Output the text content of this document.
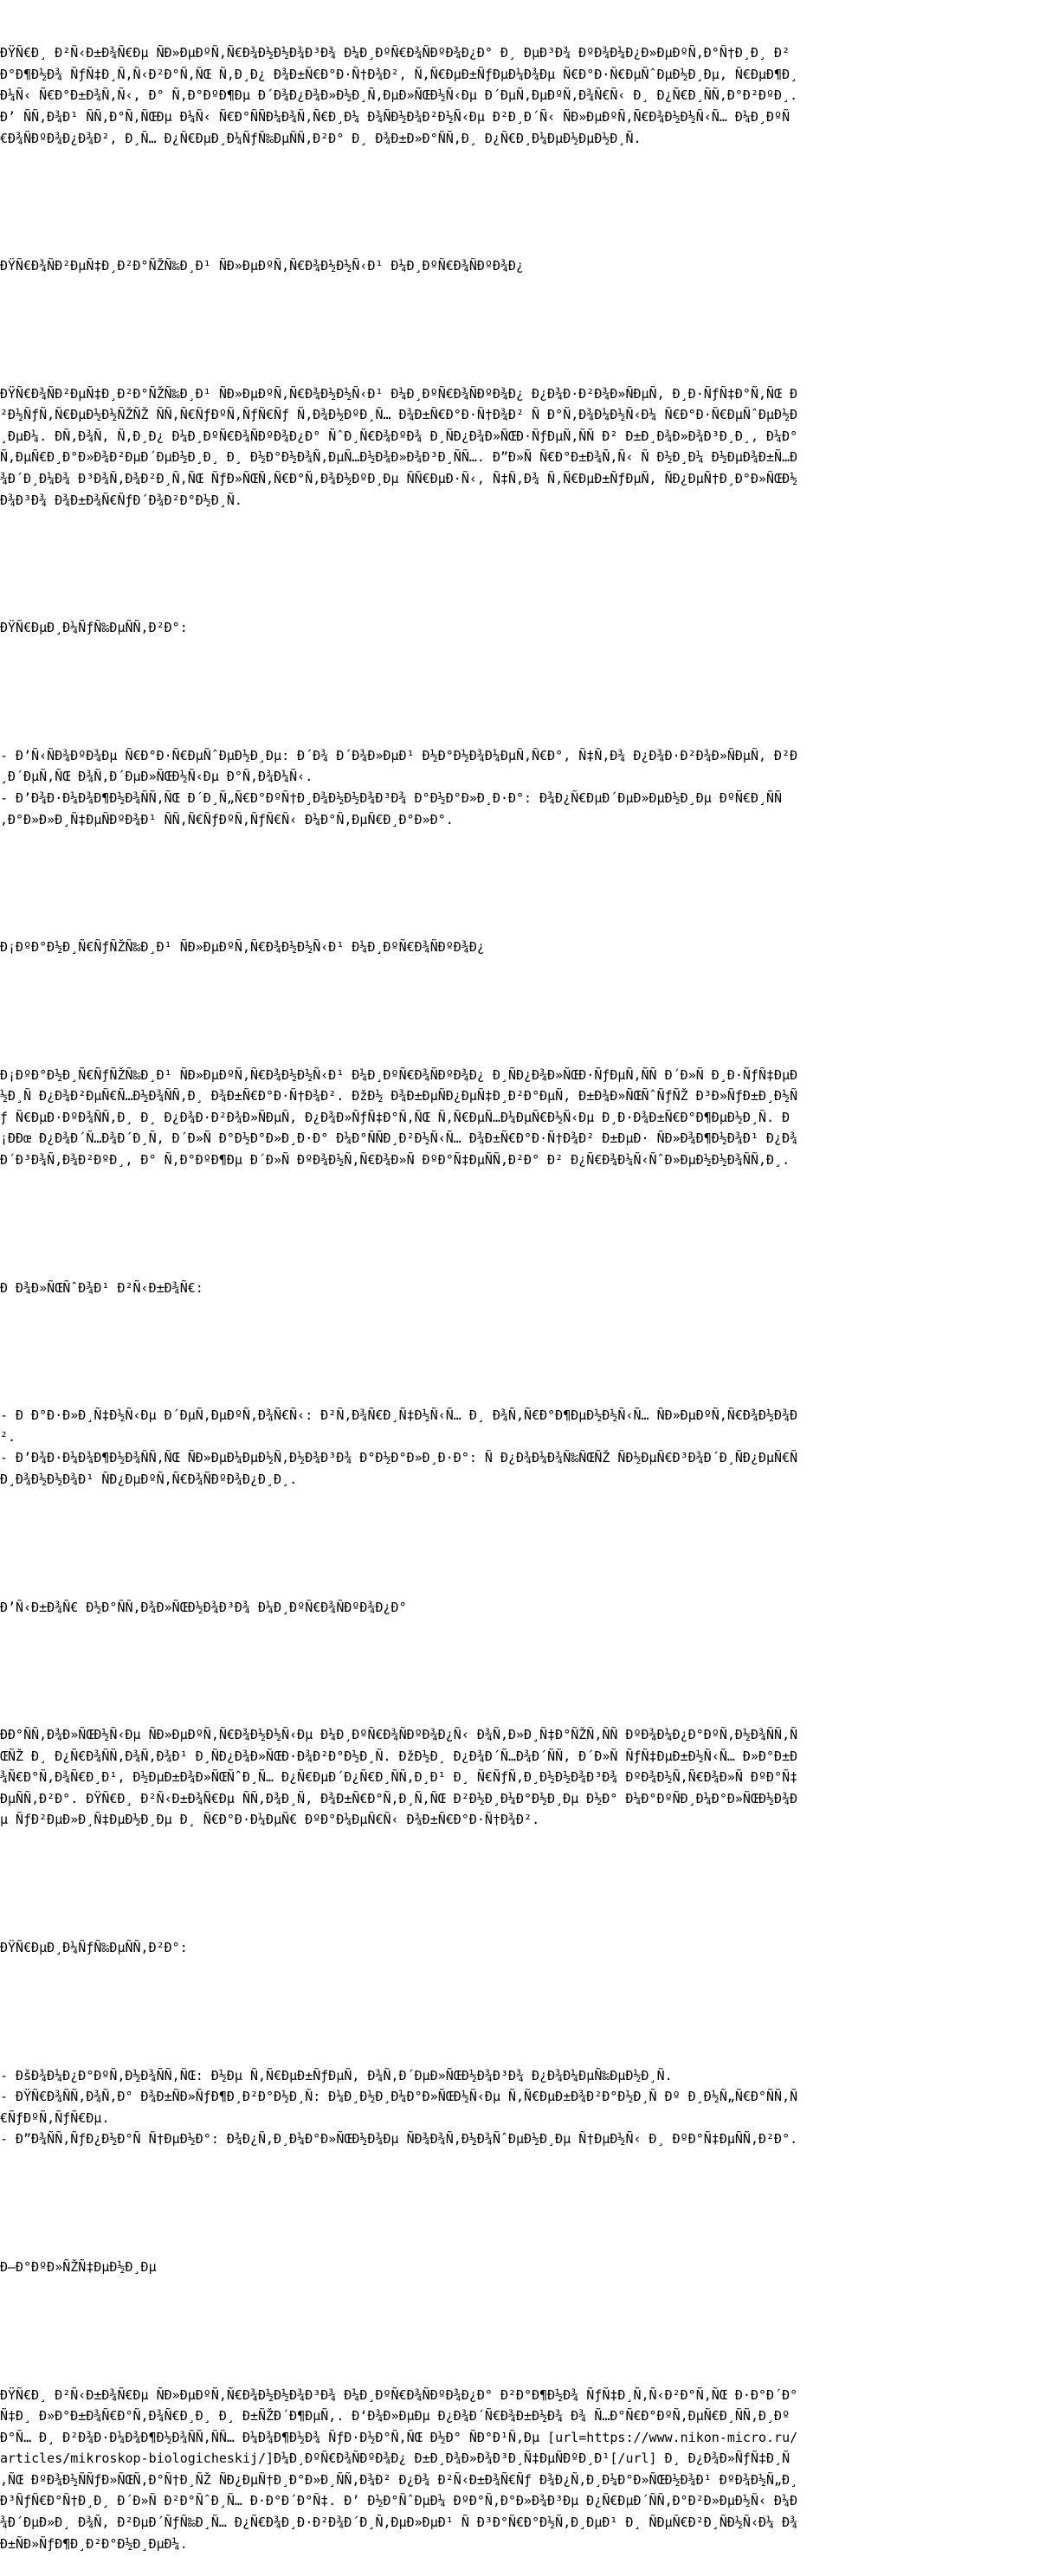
ÐŸÑ€Ð¸ Ð²Ñ‹Ð±Ð¾Ñ€Ðµ ÑÐ»ÐµÐºÑ‚Ñ€Ð¾Ð½Ð½Ð¾Ð³Ð¾ Ð¼Ð¸ÐºÑ€Ð¾ÑÐºÐ¾Ð¿Ð° Ð¸ ÐµÐ³Ð¾ ÐºÐ¾Ð¼Ð¿Ð»ÐµÐºÑ‚Ð°Ñ†Ð¸Ð¸ Ð²Ð°Ð¶Ð½Ð¾ ÑƒÑ‡Ð¸Ñ‚Ñ‹Ð²Ð°Ñ‚ÑŒ Ñ‚Ð¸Ð¿ Ð¾Ð±Ñ€Ð°Ð·Ñ†Ð¾Ð², Ñ‚Ñ€ÐµÐ±ÑƒÐµÐ¼Ð¾Ðµ Ñ€Ð°Ð·Ñ€ÐµÑˆÐµÐ½Ð¸Ðµ, Ñ€ÐµÐ¶Ð¸Ð¼Ñ‹ Ñ€Ð°Ð±Ð¾Ñ‚Ñ‹, Ð° Ñ‚Ð°ÐºÐ¶Ðµ Ð´Ð¾Ð¿Ð¾Ð»Ð½Ð¸Ñ‚ÐµÐ»ÑŒÐ½Ñ‹Ðµ Ð´ÐµÑ‚ÐµÐºÑ‚Ð¾Ñ€Ñ‹ Ð¸ Ð¿Ñ€Ð¸ÑÑ‚Ð°Ð²ÐºÐ¸. Ð’ ÑÑ‚Ð¾Ð¹ ÑÑ‚Ð°Ñ‚ÑŒÐµ Ð¼Ñ‹ Ñ€Ð°ÑÑÐ¼Ð¾Ñ‚Ñ€Ð¸Ð¼ Ð¾ÑÐ½Ð¾Ð²Ð½Ñ‹Ðµ Ð²Ð¸Ð´Ñ‹ ÑÐ»ÐµÐºÑ‚Ñ€Ð¾Ð½Ð½Ñ‹Ñ… Ð¼Ð¸ÐºÑ€Ð¾ÑÐºÐ¾Ð¿Ð¾Ð², Ð¸Ñ… Ð¿Ñ€ÐµÐ¸Ð¼ÑƒÑ‰ÐµÑÑ‚Ð²Ð° Ð¸ Ð¾Ð±Ð»Ð°ÑÑ‚Ð¸ Ð¿Ñ€Ð¸Ð¼ÐµÐ½ÐµÐ½Ð¸Ñ.

ÐŸÑ€Ð¾ÑÐ²ÐµÑ‡Ð¸Ð²Ð°ÑŽÑ‰Ð¸Ð¹ ÑÐ»ÐµÐºÑ‚Ñ€Ð¾Ð½Ð½Ñ‹Ð¹ Ð¼Ð¸ÐºÑ€Ð¾ÑÐºÐ¾Ð¿

ÐŸÑ€Ð¾ÑÐ²ÐµÑ‡Ð¸Ð²Ð°ÑŽÑ‰Ð¸Ð¹ ÑÐ»ÐµÐºÑ‚Ñ€Ð¾Ð½Ð½Ñ‹Ð¹ Ð¼Ð¸ÐºÑ€Ð¾ÑÐºÐ¾Ð¿ Ð¿Ð¾Ð·Ð²Ð¾Ð»ÑÐµÑ‚ Ð¸Ð·ÑƒÑ‡Ð°Ñ‚ÑŒ Ð²Ð½ÑƒÑ‚Ñ€ÐµÐ½Ð½ÑŽÑŽ ÑÑ‚Ñ€ÑƒÐºÑ‚ÑƒÑ€Ñƒ Ñ‚Ð¾Ð½ÐºÐ¸Ñ… Ð¾Ð±Ñ€Ð°Ð·Ñ†Ð¾Ð² Ñ Ð°Ñ‚Ð¾Ð¼Ð½Ñ‹Ð¼ Ñ€Ð°Ð·Ñ€ÐµÑˆÐµÐ½Ð¸ÐµÐ¼. ÐÑ‚Ð¾Ñ‚ Ñ‚Ð¸Ð¿ Ð¼Ð¸ÐºÑ€Ð¾ÑÐºÐ¾Ð¿Ð° ÑˆÐ¸Ñ€Ð¾ÐºÐ¾ Ð¸ÑÐ¿Ð¾Ð»ÑŒÐ·ÑƒÐµÑ‚ÑÑ Ð² Ð±Ð¸Ð¾Ð»Ð¾Ð³Ð¸Ð¸, Ð¼Ð°Ñ‚ÐµÑ€Ð¸Ð°Ð»Ð¾Ð²ÐµÐ´ÐµÐ½Ð¸Ð¸ Ð¸ Ð½Ð°Ð½Ð¾Ñ‚ÐµÑ…Ð½Ð¾Ð»Ð¾Ð³Ð¸ÑÑ…. Ð”Ð»Ñ Ñ€Ð°Ð±Ð¾Ñ‚Ñ‹ Ñ Ð½Ð¸Ð¼ Ð½ÐµÐ¾Ð±Ñ…Ð¾Ð´Ð¸Ð¼Ð¾ Ð³Ð¾Ñ‚Ð¾Ð²Ð¸Ñ‚ÑŒ ÑƒÐ»ÑŒÑ‚Ñ€Ð°Ñ‚Ð¾Ð½ÐºÐ¸Ðµ ÑÑ€ÐµÐ·Ñ‹, Ñ‡Ñ‚Ð¾ Ñ‚Ñ€ÐµÐ±ÑƒÐµÑ‚ ÑÐ¿ÐµÑ†Ð¸Ð°Ð»ÑŒÐ½Ð¾Ð³Ð¾ Ð¾Ð±Ð¾Ñ€ÑƒÐ´Ð¾Ð²Ð°Ð½Ð¸Ñ.

ÐŸÑ€ÐµÐ¸Ð¼ÑƒÑ‰ÐµÑÑ‚Ð²Ð°:

- Ð’Ñ‹ÑÐ¾ÐºÐ¾Ðµ Ñ€Ð°Ð·Ñ€ÐµÑˆÐµÐ½Ð¸Ðµ: Ð´Ð¾ Ð´Ð¾Ð»ÐµÐ¹ Ð½Ð°Ð½Ð¾Ð¼ÐµÑ‚Ñ€Ð°, Ñ‡Ñ‚Ð¾ Ð¿Ð¾Ð·Ð²Ð¾Ð»ÑÐµÑ‚ Ð²Ð¸Ð´ÐµÑ‚ÑŒ Ð¾Ñ‚Ð´ÐµÐ»ÑŒÐ½Ñ‹Ðµ Ð°Ñ‚Ð¾Ð¼Ñ‹.
- Ð’Ð¾Ð·Ð¼Ð¾Ð¶Ð½Ð¾ÑÑ‚ÑŒ Ð´Ð¸Ñ„Ñ€Ð°ÐºÑ†Ð¸Ð¾Ð½Ð½Ð¾Ð³Ð¾ Ð°Ð½Ð°Ð»Ð¸Ð·Ð°: Ð¾Ð¿Ñ€ÐµÐ´ÐµÐ»ÐµÐ½Ð¸Ðµ ÐºÑ€Ð¸ÑÑ‚Ð°Ð»Ð»Ð¸Ñ‡ÐµÑÐºÐ¾Ð¹ ÑÑ‚Ñ€ÑƒÐºÑ‚ÑƒÑ€Ñ‹ Ð¼Ð°Ñ‚ÐµÑ€Ð¸Ð°Ð»Ð°.

Ð¡ÐºÐ°Ð½Ð¸Ñ€ÑƒÑŽÑ‰Ð¸Ð¹ ÑÐ»ÐµÐºÑ‚Ñ€Ð¾Ð½Ð½Ñ‹Ð¹ Ð¼Ð¸ÐºÑ€Ð¾ÑÐºÐ¾Ð¿

Ð¡ÐºÐ°Ð½Ð¸Ñ€ÑƒÑŽÑ‰Ð¸Ð¹ ÑÐ»ÐµÐºÑ‚Ñ€Ð¾Ð½Ð½Ñ‹Ð¹ Ð¼Ð¸ÐºÑ€Ð¾ÑÐºÐ¾Ð¿ Ð¸ÑÐ¿Ð¾Ð»ÑŒÐ·ÑƒÐµÑ‚ÑÑ Ð´Ð»Ñ Ð¸Ð·ÑƒÑ‡ÐµÐ½Ð¸Ñ Ð¿Ð¾Ð²ÐµÑ€Ñ…Ð½Ð¾ÑÑ‚Ð¸ Ð¾Ð±Ñ€Ð°Ð·Ñ†Ð¾Ð². ÐžÐ½ Ð¾Ð±ÐµÑÐ¿ÐµÑ‡Ð¸Ð²Ð°ÐµÑ‚ Ð±Ð¾Ð»ÑŒÑˆÑƒÑŽ Ð³Ð»ÑƒÐ±Ð¸Ð½Ñƒ Ñ€ÐµÐ·ÐºÐ¾ÑÑ‚Ð¸ Ð¸ Ð¿Ð¾Ð·Ð²Ð¾Ð»ÑÐµÑ‚ Ð¿Ð¾Ð»ÑƒÑ‡Ð°Ñ‚ÑŒ Ñ‚Ñ€ÐµÑ…Ð¼ÐµÑ€Ð½Ñ‹Ðµ Ð¸Ð·Ð¾Ð±Ñ€Ð°Ð¶ÐµÐ½Ð¸Ñ. Ð¡ÐÐœ Ð¿Ð¾Ð´Ñ…Ð¾Ð´Ð¸Ñ‚ Ð´Ð»Ñ Ð°Ð½Ð°Ð»Ð¸Ð·Ð° Ð¼Ð°ÑÑÐ¸Ð²Ð½Ñ‹Ñ… Ð¾Ð±Ñ€Ð°Ð·Ñ†Ð¾Ð² Ð±ÐµÐ· ÑÐ»Ð¾Ð¶Ð½Ð¾Ð¹ Ð¿Ð¾Ð´Ð³Ð¾Ñ‚Ð¾Ð²ÐºÐ¸, Ð° Ñ‚Ð°ÐºÐ¶Ðµ Ð´Ð»Ñ ÐºÐ¾Ð½Ñ‚Ñ€Ð¾Ð»Ñ ÐºÐ°Ñ‡ÐµÑÑ‚Ð²Ð° Ð² Ð¿Ñ€Ð¾Ð¼Ñ‹ÑˆÐ»ÐµÐ½Ð½Ð¾ÑÑ‚Ð¸.

Ð Ð¾Ð»ÑŒÑˆÐ¾Ð¹ Ð²Ñ‹Ð±Ð¾Ñ€:

- Ð Ð°Ð·Ð»Ð¸Ñ‡Ð½Ñ‹Ðµ Ð´ÐµÑ‚ÐµÐºÑ‚Ð¾Ñ€Ñ‹: Ð²Ñ‚Ð¾Ñ€Ð¸Ñ‡Ð½Ñ‹Ñ… Ð¸ Ð¾Ñ‚Ñ€Ð°Ð¶ÐµÐ½Ð½Ñ‹Ñ… ÑÐ»ÐµÐºÑ‚Ñ€Ð¾Ð½Ð¾Ð².
- Ð’Ð¾Ð·Ð¼Ð¾Ð¶Ð½Ð¾ÑÑ‚ÑŒ ÑÐ»ÐµÐ¼ÐµÐ½Ñ‚Ð½Ð¾Ð³Ð¾ Ð°Ð½Ð°Ð»Ð¸Ð·Ð°: Ñ Ð¿Ð¾Ð¼Ð¾Ñ‰ÑŒÑŽ ÑÐ½ÐµÑ€Ð³Ð¾Ð´Ð¸ÑÐ¿ÐµÑ€ÑÐ¸Ð¾Ð½Ð½Ð¾Ð¹ ÑÐ¿ÐµÐºÑ‚Ñ€Ð¾ÑÐºÐ¾Ð¿Ð¸Ð¸.

Ð’Ñ‹Ð±Ð¾Ñ€ Ð½Ð°ÑÑ‚Ð¾Ð»ÑŒÐ½Ð¾Ð³Ð¾ Ð¼Ð¸ÐºÑ€Ð¾ÑÐºÐ¾Ð¿Ð°

ÐÐ°ÑÑ‚Ð¾Ð»ÑŒÐ½Ñ‹Ðµ ÑÐ»ÐµÐºÑ‚Ñ€Ð¾Ð½Ð½Ñ‹Ðµ Ð¼Ð¸ÐºÑ€Ð¾ÑÐºÐ¾Ð¿Ñ‹ Ð¾Ñ‚Ð»Ð¸Ñ‡Ð°ÑŽÑ‚ÑÑ ÐºÐ¾Ð¼Ð¿Ð°ÐºÑ‚Ð½Ð¾ÑÑ‚ÑŒÑŽ Ð¸ Ð¿Ñ€Ð¾ÑÑ‚Ð¾Ñ‚Ð¾Ð¹ Ð¸ÑÐ¿Ð¾Ð»ÑŒÐ·Ð¾Ð²Ð°Ð½Ð¸Ñ. ÐžÐ½Ð¸ Ð¿Ð¾Ð´Ñ…Ð¾Ð´ÑÑ‚ Ð´Ð»Ñ ÑƒÑ‡ÐµÐ±Ð½Ñ‹Ñ… Ð»Ð°Ð±Ð¾Ñ€Ð°Ñ‚Ð¾Ñ€Ð¸Ð¹, Ð½ÐµÐ±Ð¾Ð»ÑŒÑˆÐ¸Ñ… Ð¿Ñ€ÐµÐ´Ð¿Ñ€Ð¸ÑÑ‚Ð¸Ð¹ Ð¸ Ñ€ÑƒÑ‚Ð¸Ð½Ð½Ð¾Ð³Ð¾ ÐºÐ¾Ð½Ñ‚Ñ€Ð¾Ð»Ñ ÐºÐ°Ñ‡ÐµÑÑ‚Ð²Ð°. ÐŸÑ€Ð¸ Ð²Ñ‹Ð±Ð¾Ñ€Ðµ ÑÑ‚Ð¾Ð¸Ñ‚ Ð¾Ð±Ñ€Ð°Ñ‚Ð¸Ñ‚ÑŒ Ð²Ð½Ð¸Ð¼Ð°Ð½Ð¸Ðµ Ð½Ð° Ð¼Ð°ÐºÑÐ¸Ð¼Ð°Ð»ÑŒÐ½Ð¾Ðµ ÑƒÐ²ÐµÐ»Ð¸Ñ‡ÐµÐ½Ð¸Ðµ Ð¸ Ñ€Ð°Ð·Ð¼ÐµÑ€ ÐºÐ°Ð¼ÐµÑ€Ñ‹ Ð¾Ð±Ñ€Ð°Ð·Ñ†Ð¾Ð².

ÐŸÑ€ÐµÐ¸Ð¼ÑƒÑ‰ÐµÑÑ‚Ð²Ð°:

- ÐšÐ¾Ð¼Ð¿Ð°ÐºÑ‚Ð½Ð¾ÑÑ‚ÑŒ: Ð½Ðµ Ñ‚Ñ€ÐµÐ±ÑƒÐµÑ‚ Ð¾Ñ‚Ð´ÐµÐ»ÑŒÐ½Ð¾Ð³Ð¾ Ð¿Ð¾Ð¼ÐµÑ‰ÐµÐ½Ð¸Ñ.
- ÐŸÑ€Ð¾ÑÑ‚Ð¾Ñ‚Ð° Ð¾Ð±ÑÐ»ÑƒÐ¶Ð¸Ð²Ð°Ð½Ð¸Ñ: Ð¼Ð¸Ð½Ð¸Ð¼Ð°Ð»ÑŒÐ½Ñ‹Ðµ Ñ‚Ñ€ÐµÐ±Ð¾Ð²Ð°Ð½Ð¸Ñ Ðº Ð¸Ð½Ñ„Ñ€Ð°ÑÑ‚Ñ€ÑƒÐºÑ‚ÑƒÑ€Ðµ.
- Ð”Ð¾ÑÑ‚ÑƒÐ¿Ð½Ð°Ñ Ñ†ÐµÐ½Ð°: Ð¾Ð¿Ñ‚Ð¸Ð¼Ð°Ð»ÑŒÐ½Ð¾Ðµ ÑÐ¾Ð¾Ñ‚Ð½Ð¾ÑˆÐµÐ½Ð¸Ðµ Ñ†ÐµÐ½Ñ‹ Ð¸ ÐºÐ°Ñ‡ÐµÑÑ‚Ð²Ð°.

Ð—Ð°ÐºÐ»ÑŽÑ‡ÐµÐ½Ð¸Ðµ

ÐŸÑ€Ð¸ Ð²Ñ‹Ð±Ð¾Ñ€Ðµ ÑÐ»ÐµÐºÑ‚Ñ€Ð¾Ð½Ð½Ð¾Ð³Ð¾ Ð¼Ð¸ÐºÑ€Ð¾ÑÐºÐ¾Ð¿Ð° Ð²Ð°Ð¶Ð½Ð¾ ÑƒÑ‡Ð¸Ñ‚Ñ‹Ð²Ð°Ñ‚ÑŒ Ð·Ð°Ð´Ð°Ñ‡Ð¸ Ð»Ð°Ð±Ð¾Ñ€Ð°Ñ‚Ð¾Ñ€Ð¸Ð¸ Ð¸ Ð±ÑŽÐ´Ð¶ÐµÑ‚. Ð‘Ð¾Ð»ÐµÐµ Ð¿Ð¾Ð´Ñ€Ð¾Ð±Ð½Ð¾ Ð¾ Ñ…Ð°Ñ€Ð°ÐºÑ‚ÐµÑ€Ð¸ÑÑ‚Ð¸ÐºÐ°Ñ… Ð¸ Ð²Ð¾Ð·Ð¼Ð¾Ð¶Ð½Ð¾ÑÑ‚ÑÑ… Ð¼Ð¾Ð¶Ð½Ð¾ ÑƒÐ·Ð½Ð°Ñ‚ÑŒ Ð½Ð° ÑÐ°Ð¹Ñ‚Ðµ [url=https://www.nikon-micro.ru/articles/mikroskop-biologicheskij/]Ð¼Ð¸ÐºÑ€Ð¾ÑÐºÐ¾Ð¿ Ð±Ð¸Ð¾Ð»Ð¾Ð³Ð¸Ñ‡ÐµÑÐºÐ¸Ð¹[/url] Ð¸ Ð¿Ð¾Ð»ÑƒÑ‡Ð¸Ñ‚ÑŒ ÐºÐ¾Ð½ÑÑƒÐ»ÑŒÑ‚Ð°Ñ†Ð¸ÑŽ ÑÐ¿ÐµÑ†Ð¸Ð°Ð»Ð¸ÑÑ‚Ð¾Ð² Ð¿Ð¾ Ð²Ñ‹Ð±Ð¾Ñ€Ñƒ Ð¾Ð¿Ñ‚Ð¸Ð¼Ð°Ð»ÑŒÐ½Ð¾Ð¹ ÐºÐ¾Ð½Ñ„Ð¸Ð³ÑƒÑ€Ð°Ñ†Ð¸Ð¸ Ð´Ð»Ñ Ð²Ð°ÑˆÐ¸Ñ… Ð·Ð°Ð´Ð°Ñ‡. Ð’ Ð½Ð°ÑˆÐµÐ¼ ÐºÐ°Ñ‚Ð°Ð»Ð¾Ð³Ðµ Ð¿Ñ€ÐµÐ´ÑÑ‚Ð°Ð²Ð»ÐµÐ½Ñ‹ Ð¼Ð¾Ð´ÐµÐ»Ð¸ Ð¾Ñ‚ Ð²ÐµÐ´ÑƒÑ‰Ð¸Ñ… Ð¿Ñ€Ð¾Ð¸Ð·Ð²Ð¾Ð´Ð¸Ñ‚ÐµÐ»ÐµÐ¹ Ñ Ð³Ð°Ñ€Ð°Ð½Ñ‚Ð¸ÐµÐ¹ Ð¸ ÑÐµÑ€Ð²Ð¸ÑÐ½Ñ‹Ð¼ Ð¾Ð±ÑÐ»ÑƒÐ¶Ð¸Ð²Ð°Ð½Ð¸ÐµÐ¼.
